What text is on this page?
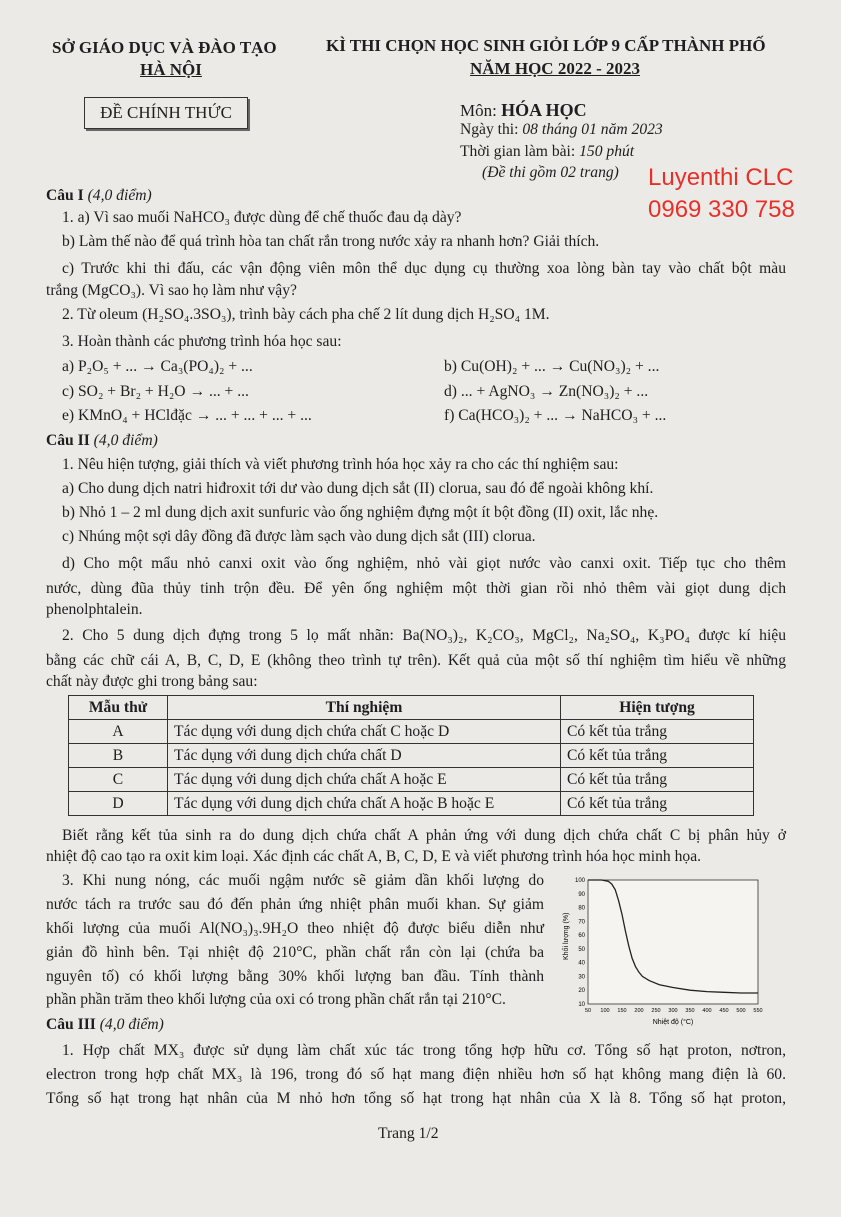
SỞ GIÁO DỤC VÀ ĐÀO TẠO
HÀ NỘI
KÌ THI CHỌN HỌC SINH GIỎI LỚP 9 CẤP THÀNH PHỐ
NĂM HỌC 2022 - 2023
ĐỀ CHÍNH THỨC	Môn: HÓA HỌC
Ngày thi: 08 tháng 01 năm 2023
Thời gian làm bài: 150 phút
(Đề thi gồm 02 trang) Luyenthi CLC
0969 330 758
Câu I (4,0 điểm)
1. a) Vì sao muối NaHCO₃ được dùng để chế thuốc đau dạ dày?
b) Làm thế nào để quá trình hòa tan chất rắn trong nước xảy ra nhanh hơn? Giải thích.
c) Trước khi thi đấu, các vận động viên môn thể dục dụng cụ thường xoa lòng bàn tay vào chất bột màu
trắng (MgCO₃). Vì sao họ làm như vậy?
2. Từ oleum (H₂SO₄.3SO₃), trình bày cách pha chế 2 lít dung dịch H₂SO₄ 1M.
3. Hoàn thành các phương trình hóa học sau:
a) P₂O₅ + ... → Ca₃(PO₄)₂ + ...	b) Cu(OH)₂ + ... → Cu(NO₃)₂ + ...
c) SO₂ + Br₂ + H₂O → ... + ...	d) ... + AgNO₃ → Zn(NO₃)₂ + ...
e) KMnO₄ + HClđặc → ... + ... + ... + ...	f) Ca(HCO₃)₂ + ... → NaHCO₃ + ...
Câu II (4,0 điểm)
1. Nêu hiện tượng, giải thích và viết phương trình hóa học xảy ra cho các thí nghiệm sau:
a) Cho dung dịch natri hiđroxit tới dư vào dung dịch sắt (II) clorua, sau đó để ngoài không khí.
b) Nhỏ 1 – 2 ml dung dịch axit sunfuric vào ống nghiệm đựng một ít bột đồng (II) oxit, lắc nhẹ.
c) Nhúng một sợi dây đồng đã được làm sạch vào dung dịch sắt (III) clorua.
d) Cho một mẩu nhỏ canxi oxit vào ống nghiệm, nhỏ vài giọt nước vào canxi oxit. Tiếp tục cho thêm
nước, dùng đũa thủy tinh trộn đều. Để yên ống nghiệm một thời gian rồi nhỏ thêm vài giọt dung dịch
phenolphtalein.
2. Cho 5 dung dịch đựng trong 5 lọ mất nhãn: Ba(NO₃)₂, K₂CO₃, MgCl₂, Na₂SO₄, K₃PO₄ được kí hiệu
bằng các chữ cái A, B, C, D, E (không theo trình tự trên). Kết quả của một số thí nghiệm tìm hiểu về những
chất này được ghi trong bảng sau:
Mẫu thử	Thí nghiệm	Hiện tượng
A	Tác dụng với dung dịch chứa chất C hoặc D	Có kết tủa trắng
B	Tác dụng với dung dịch chứa chất D	Có kết tủa trắng
C	Tác dụng với dung dịch chứa chất A hoặc E	Có kết tủa trắng
D	Tác dụng với dung dịch chứa chất A hoặc B hoặc E	Có kết tủa trắng
Biết rằng kết tủa sinh ra do dung dịch chứa chất A phản ứng với dung dịch chứa chất C bị phân hủy ở
nhiệt độ cao tạo ra oxit kim loại. Xác định các chất A, B, C, D, E và viết phương trình hóa học minh họa.
3. Khi nung nóng, các muối ngậm nước sẽ giảm dần khối lượng do
nước tách ra trước sau đó đến phản ứng nhiệt phân muối khan. Sự giảm
khối lượng của muối Al(NO₃)₃.9H₂O theo nhiệt độ được biểu diễn như
giản đồ hình bên. Tại nhiệt độ 210°C, phần chất rắn còn lại (chứa ba
nguyên tố) có khối lượng bằng 30% khối lượng ban đầu. Tính thành
phần phần trăm theo khối lượng của oxi có trong phần chất rắn tại 210°C.	10
20
30
40
50
60
70
80
90
100
50 100 150 200 250 300 350 400 450 500 550
Khối lượng (%)
Nhiệt độ (°C)
Câu III (4,0 điểm)
1. Hợp chất MX₃ được sử dụng làm chất xúc tác trong tổng hợp hữu cơ. Tổng số hạt proton, nơtron,
electron trong hợp chất MX₃ là 196, trong đó số hạt mang điện nhiều hơn số hạt không mang điện là 60.
Tổng số hạt trong hạt nhân của M nhỏ hơn tổng số hạt trong hạt nhân của X là 8. Tổng số hạt proton,
Trang 1/2
